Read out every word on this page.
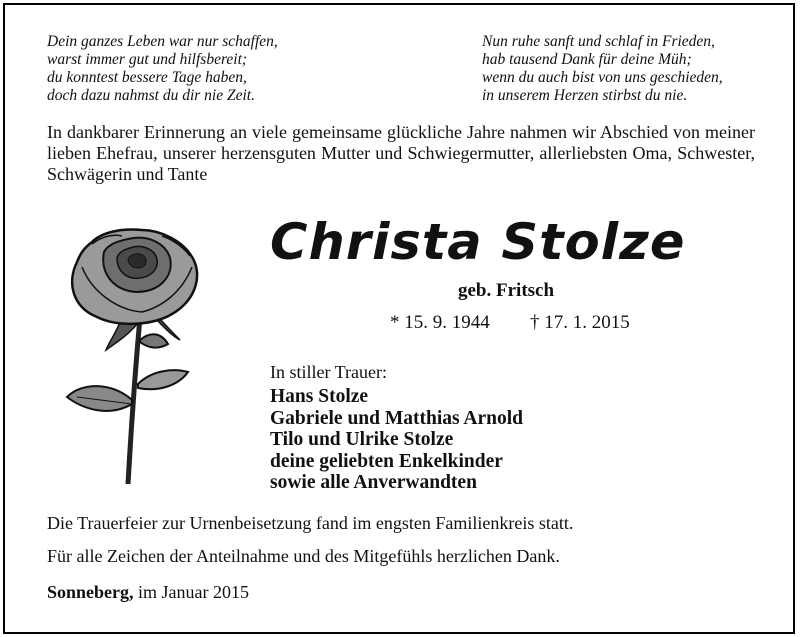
Dein ganzes Leben war nur schaffen,
warst immer gut und hilfsbereit;
du konntest bessere Tage haben,
doch dazu nahmst du dir nie Zeit.
Nun ruhe sanft und schlaf in Frieden,
hab tausend Dank für deine Müh;
wenn du auch bist von uns geschieden,
in unserem Herzen stirbst du nie.
In dankbarer Erinnerung an viele gemeinsame glückliche Jahre nahmen wir Abschied von meiner lieben Ehefrau, unserer herzensguten Mutter und Schwiegermutter, allerliebsten Oma, Schwester, Schwägerin und Tante
Christa Stolze
geb. Fritsch
* 15. 9. 1944 † 17. 1. 2015
In stiller Trauer:
Hans Stolze
Gabriele und Matthias Arnold
Tilo und Ulrike Stolze
deine geliebten Enkelkinder
sowie alle Anverwandten
Die Trauerfeier zur Urnenbeisetzung fand im engsten Familienkreis statt.
Für alle Zeichen der Anteilnahme und des Mitgefühls herzlichen Dank.
Sonneberg, im Januar 2015
